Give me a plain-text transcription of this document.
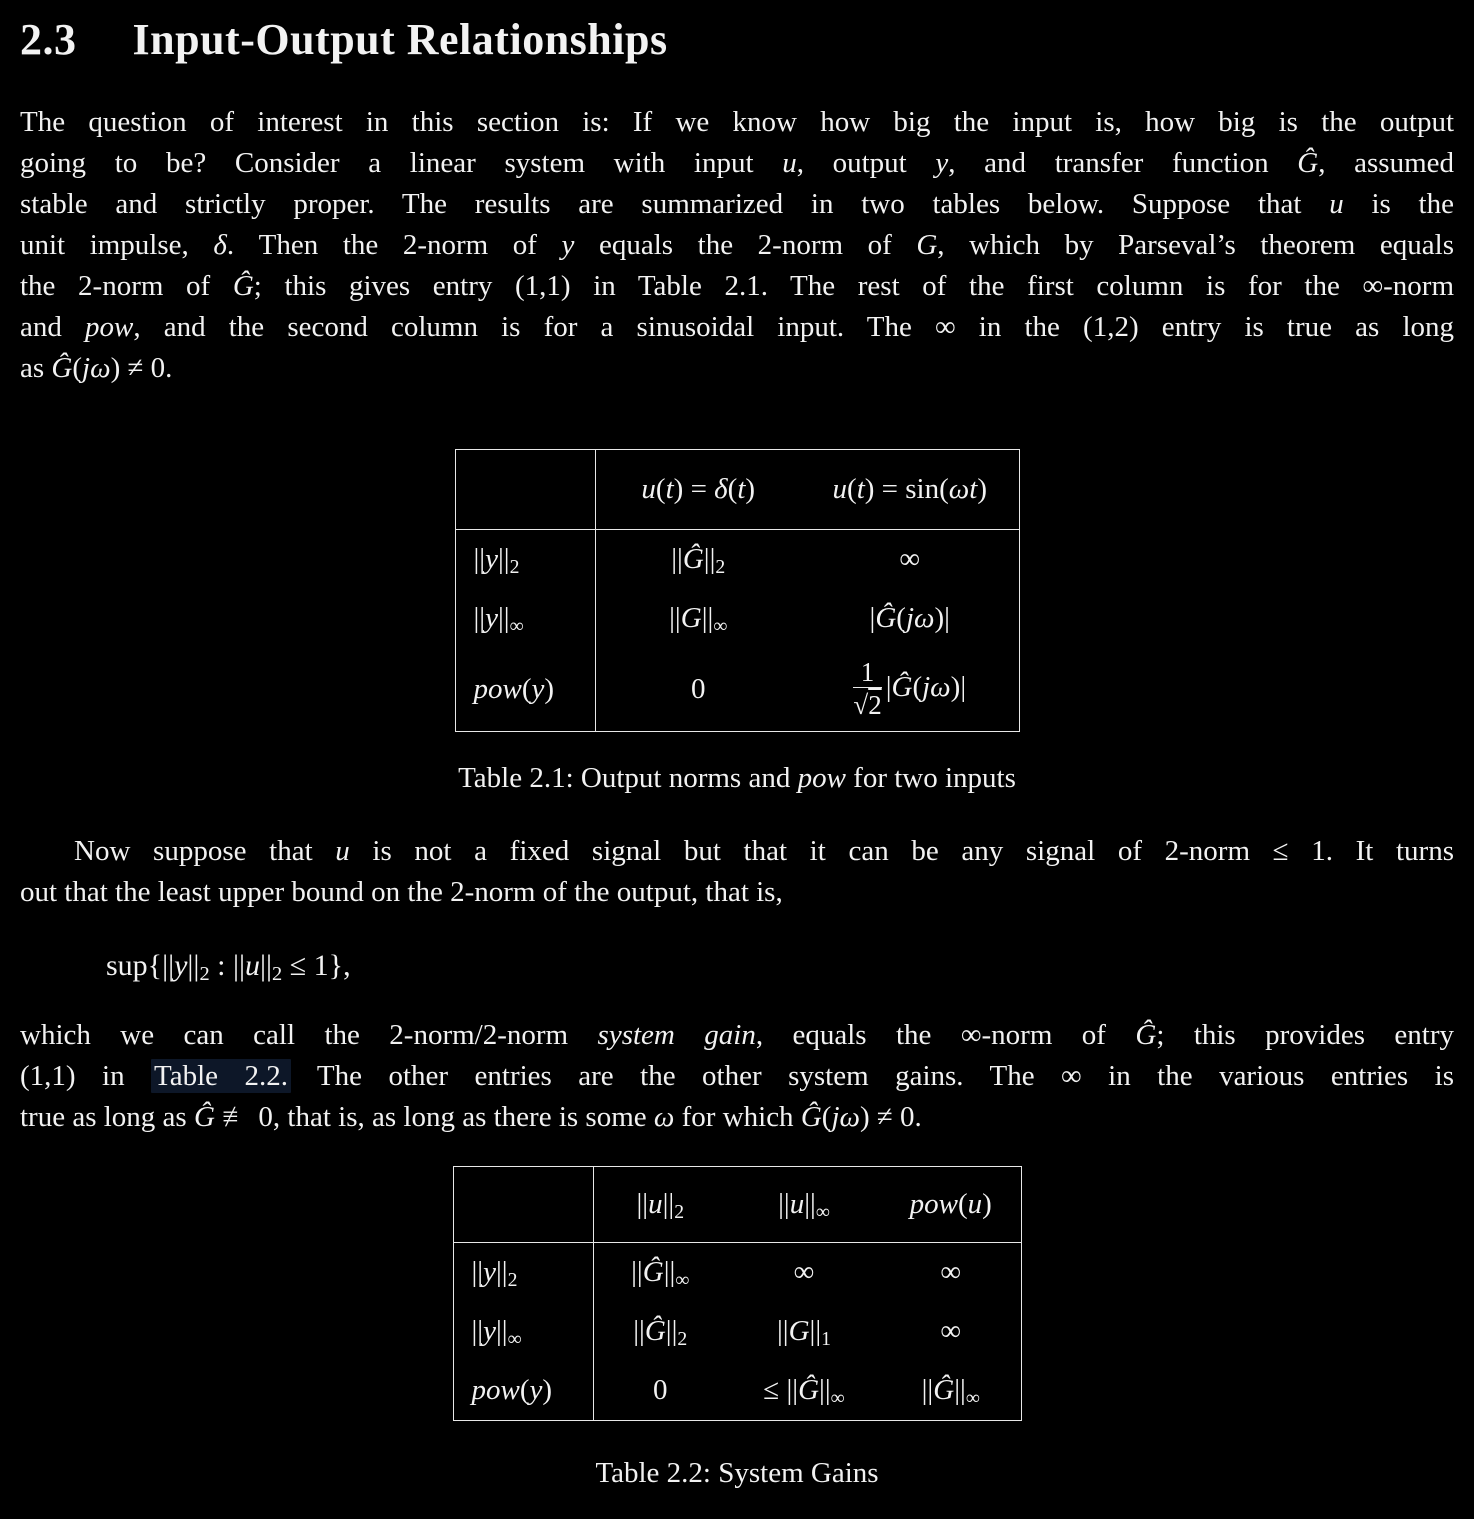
2.3 Input-Output Relationships
The question of interest in this section is: If we know how big the input is, how big is the output
going to be? Consider a linear system with input u, output y, and transfer function Ĝ, assumed
stable and strictly proper. The results are summarized in two tables below. Suppose that u is the
unit impulse, δ. Then the 2-norm of y equals the 2-norm of G, which by Parseval’s theorem equals
the 2-norm of Ĝ; this gives entry (1,1) in Table 2.1. The rest of the first column is for the ∞-norm
and pow, and the second column is for a sinusoidal input. The ∞ in the (1,2) entry is true as long
as Ĝ(jω) ≠ 0.
	u(t) = δ(t)	u(t) = sin(ωt)
$||y||_2$	$||Ĝ||_2$	∞
$||y||_\infty$	$||G||_\infty$	|Ĝ(jω)|
pow(y)	0	$\frac{1}{√2}$ |Ĝ(jω)|
Table 2.1: Output norms and pow for two inputs
Now suppose that u is not a fixed signal but that it can be any signal of 2-norm ≤ 1. It turns
out that the least upper bound on the 2-norm of the output, that is,
$sup\{||y||_2$ : $||u||_2 \le 1$},
which we can call the 2-norm/2-norm system gain, equals the ∞-norm of Ĝ; this provides entry
(1,1) in Table 2.2. The other entries are the other system gains. The ∞ in the various entries is
true as long as Ĝ ≢ 0, that is, as long as there is some ω for which Ĝ(jω) ≠ 0.
	$||u||_2$	$||u||_\infty$	pow(u)
$||y||_2$	$||Ĝ||_\infty$	∞	∞
$||y||_\infty$	$||Ĝ||_2$	$||G||_1$	∞
pow(y)	0	≤ $||Ĝ||_\infty$	$||Ĝ||_\infty$
Table 2.2: System Gains
